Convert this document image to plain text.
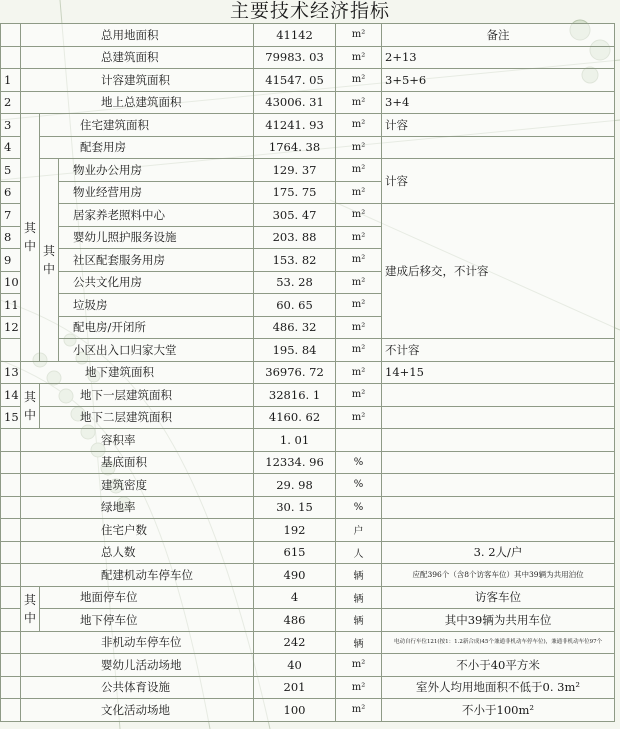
主要技术经济指标
	总用地面积			41142	m²	备注
	总建筑面积			79983. 03	m²	2+13
1	计容建筑面积			41547. 05	m²	3+5+6
2	地上总建筑面积			43006. 31	m²	3+4
3	其中	住宅建筑面积		41241. 93	m²	计容
4		配套用房		1764. 38	m²	
5		其中	物业办公用房	129. 37	m²	计容
6			物业经营用房	175. 75	m²	
7			居家养老照料中心	305. 47	m²	建成后移交，不计容
8			婴幼儿照护服务设施	203. 88	m²	
9			社区配套服务用房	153. 82	m²	
10			公共文化用房	53. 28	m²	
11			垃圾房	60. 65	m²	
12			配电房/开闭所	486. 32	m²	
			小区出入口归家大堂	195. 84	m²	不计容
13	地下建筑面积			36976. 72	m²	14+15
14	其中	地下一层建筑面积		32816. 1	m²	
15		地下二层建筑面积		4160. 62	m²	
	容积率			1. 01		
	基底面积			12334. 96	%	
	建筑密度			29. 98	%	
	绿地率			30. 15	%	
	住宅户数			192	户	
	总人数			615	人	3. 2人/户
	配建机动车停车位			490	辆	应配396个（含8个访客车位）其中39辆为共用泊位
	其中	地面停车位		4	辆	访客车位
		地下停车位		486	辆	其中39辆为共用车位
	非机动车停车位			242	辆	电动自行车位121(按1：1.2新合成)45个兼通非机动车停车位)，兼通非机动车位97个
	婴幼儿活动场地			40	m²	不小于40平方米
	公共体育设施			201	m²	室外人均用地面积不低于0. 3m²
	文化活动场地			100	m²	不小于100m²
